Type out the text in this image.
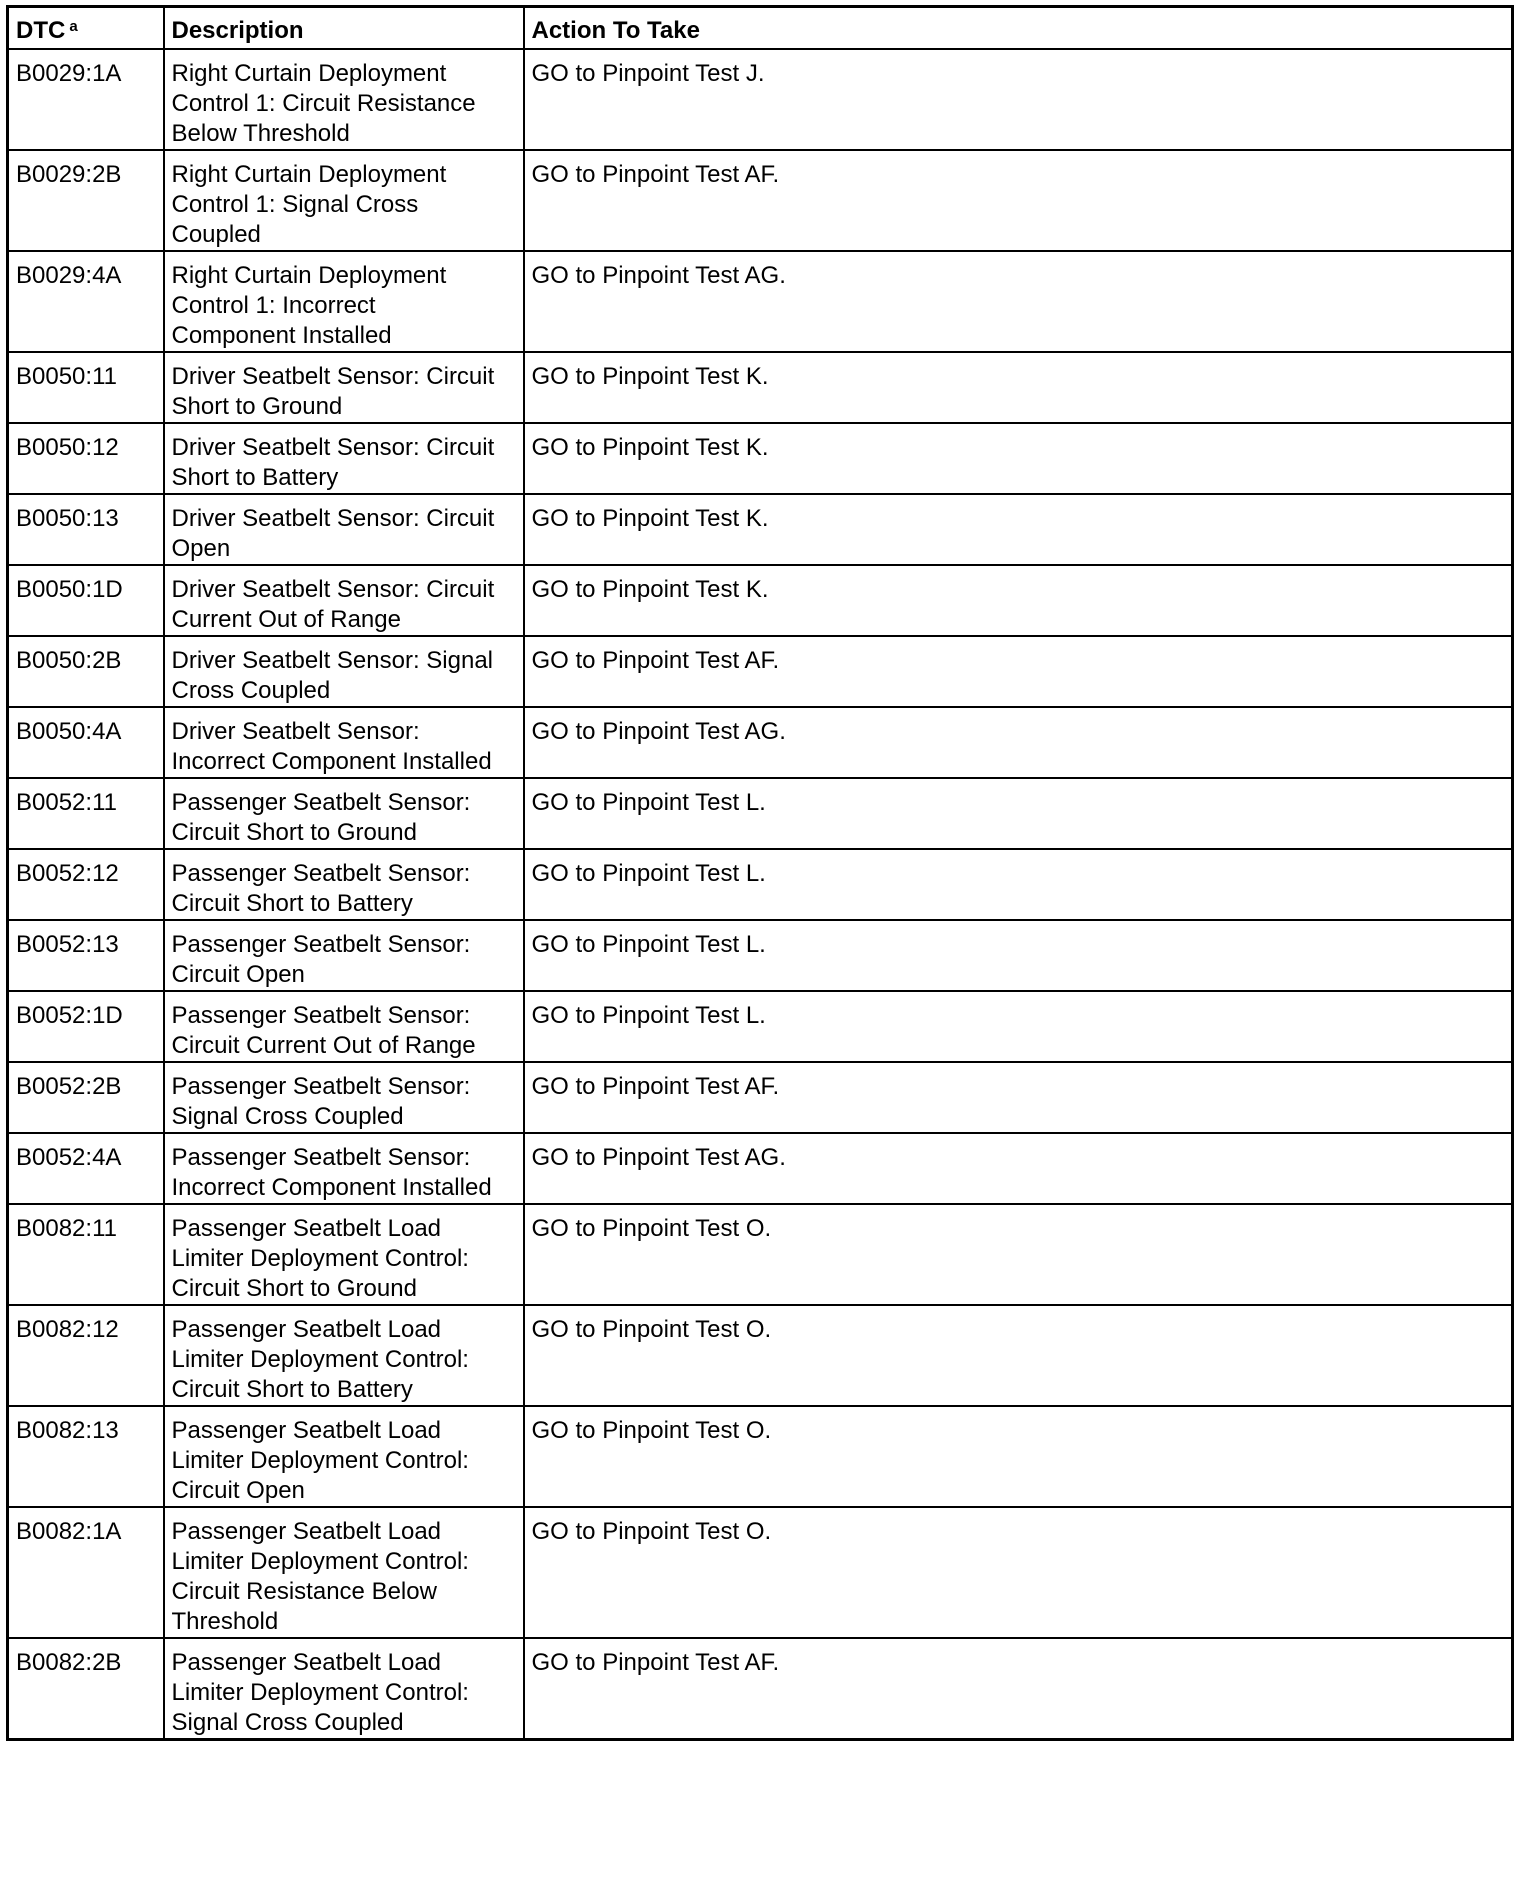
DTC $^a$	Description	Action To Take
B0029:1A	Right Curtain Deployment
Control 1: Circuit Resistance
Below Threshold	GO to Pinpoint Test J.
B0029:2B	Right Curtain Deployment
Control 1: Signal Cross
Coupled	GO to Pinpoint Test AF.
B0029:4A	Right Curtain Deployment
Control 1: Incorrect
Component Installed	GO to Pinpoint Test AG.
B0050:11	Driver Seatbelt Sensor: Circuit
Short to Ground	GO to Pinpoint Test K.
B0050:12	Driver Seatbelt Sensor: Circuit
Short to Battery	GO to Pinpoint Test K.
B0050:13	Driver Seatbelt Sensor: Circuit
Open	GO to Pinpoint Test K.
B0050:1D	Driver Seatbelt Sensor: Circuit
Current Out of Range	GO to Pinpoint Test K.
B0050:2B	Driver Seatbelt Sensor: Signal
Cross Coupled	GO to Pinpoint Test AF.
B0050:4A	Driver Seatbelt Sensor:
Incorrect Component Installed	GO to Pinpoint Test AG.
B0052:11	Passenger Seatbelt Sensor:
Circuit Short to Ground	GO to Pinpoint Test L.
B0052:12	Passenger Seatbelt Sensor:
Circuit Short to Battery	GO to Pinpoint Test L.
B0052:13	Passenger Seatbelt Sensor:
Circuit Open	GO to Pinpoint Test L.
B0052:1D	Passenger Seatbelt Sensor:
Circuit Current Out of Range	GO to Pinpoint Test L.
B0052:2B	Passenger Seatbelt Sensor:
Signal Cross Coupled	GO to Pinpoint Test AF.
B0052:4A	Passenger Seatbelt Sensor:
Incorrect Component Installed	GO to Pinpoint Test AG.
B0082:11	Passenger Seatbelt Load
Limiter Deployment Control:
Circuit Short to Ground	GO to Pinpoint Test O.
B0082:12	Passenger Seatbelt Load
Limiter Deployment Control:
Circuit Short to Battery	GO to Pinpoint Test O.
B0082:13	Passenger Seatbelt Load
Limiter Deployment Control:
Circuit Open	GO to Pinpoint Test O.
B0082:1A	Passenger Seatbelt Load
Limiter Deployment Control:
Circuit Resistance Below
Threshold	GO to Pinpoint Test O.
B0082:2B	Passenger Seatbelt Load
Limiter Deployment Control:
Signal Cross Coupled	GO to Pinpoint Test AF.
